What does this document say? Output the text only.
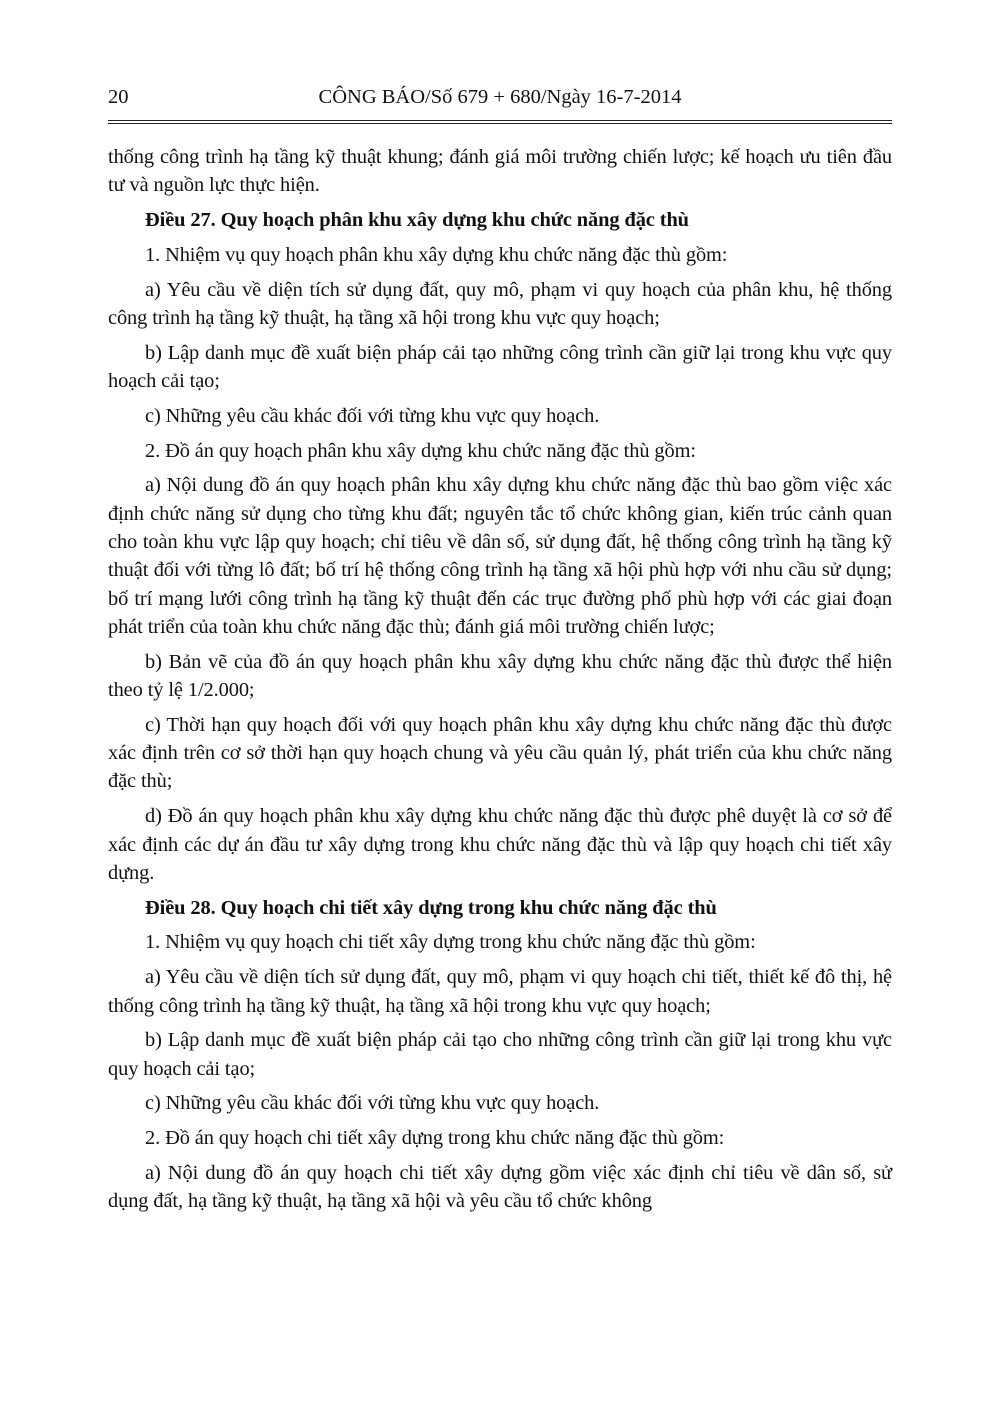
20	CÔNG BÁO/Số 679 + 680/Ngày 16-7-2014

thống công trình hạ tầng kỹ thuật khung; đánh giá môi trường chiến lược; kế hoạch ưu tiên đầu tư và nguồn lực thực hiện.

Điều 27. Quy hoạch phân khu xây dựng khu chức năng đặc thù

1. Nhiệm vụ quy hoạch phân khu xây dựng khu chức năng đặc thù gồm:

a) Yêu cầu về diện tích sử dụng đất, quy mô, phạm vi quy hoạch của phân khu, hệ thống công trình hạ tầng kỹ thuật, hạ tầng xã hội trong khu vực quy hoạch;

b) Lập danh mục đề xuất biện pháp cải tạo những công trình cần giữ lại trong khu vực quy hoạch cải tạo;

c) Những yêu cầu khác đối với từng khu vực quy hoạch.

2. Đồ án quy hoạch phân khu xây dựng khu chức năng đặc thù gồm:

a) Nội dung đồ án quy hoạch phân khu xây dựng khu chức năng đặc thù bao gồm việc xác định chức năng sử dụng cho từng khu đất; nguyên tắc tổ chức không gian, kiến trúc cảnh quan cho toàn khu vực lập quy hoạch; chỉ tiêu về dân số, sử dụng đất, hệ thống công trình hạ tầng kỹ thuật đối với từng lô đất; bố trí hệ thống công trình hạ tầng xã hội phù hợp với nhu cầu sử dụng; bố trí mạng lưới công trình hạ tầng kỹ thuật đến các trục đường phố phù hợp với các giai đoạn phát triển của toàn khu chức năng đặc thù; đánh giá môi trường chiến lược;

b) Bản vẽ của đồ án quy hoạch phân khu xây dựng khu chức năng đặc thù được thể hiện theo tỷ lệ 1/2.000;

c) Thời hạn quy hoạch đối với quy hoạch phân khu xây dựng khu chức năng đặc thù được xác định trên cơ sở thời hạn quy hoạch chung và yêu cầu quản lý, phát triển của khu chức năng đặc thù;

d) Đồ án quy hoạch phân khu xây dựng khu chức năng đặc thù được phê duyệt là cơ sở để xác định các dự án đầu tư xây dựng trong khu chức năng đặc thù và lập quy hoạch chi tiết xây dựng.

Điều 28. Quy hoạch chi tiết xây dựng trong khu chức năng đặc thù

1. Nhiệm vụ quy hoạch chi tiết xây dựng trong khu chức năng đặc thù gồm:

a) Yêu cầu về diện tích sử dụng đất, quy mô, phạm vi quy hoạch chi tiết, thiết kế đô thị, hệ thống công trình hạ tầng kỹ thuật, hạ tầng xã hội trong khu vực quy hoạch;

b) Lập danh mục đề xuất biện pháp cải tạo cho những công trình cần giữ lại trong khu vực quy hoạch cải tạo;

c) Những yêu cầu khác đối với từng khu vực quy hoạch.

2. Đồ án quy hoạch chi tiết xây dựng trong khu chức năng đặc thù gồm:

a) Nội dung đồ án quy hoạch chi tiết xây dựng gồm việc xác định chỉ tiêu về dân số, sử dụng đất, hạ tầng kỹ thuật, hạ tầng xã hội và yêu cầu tổ chức không
